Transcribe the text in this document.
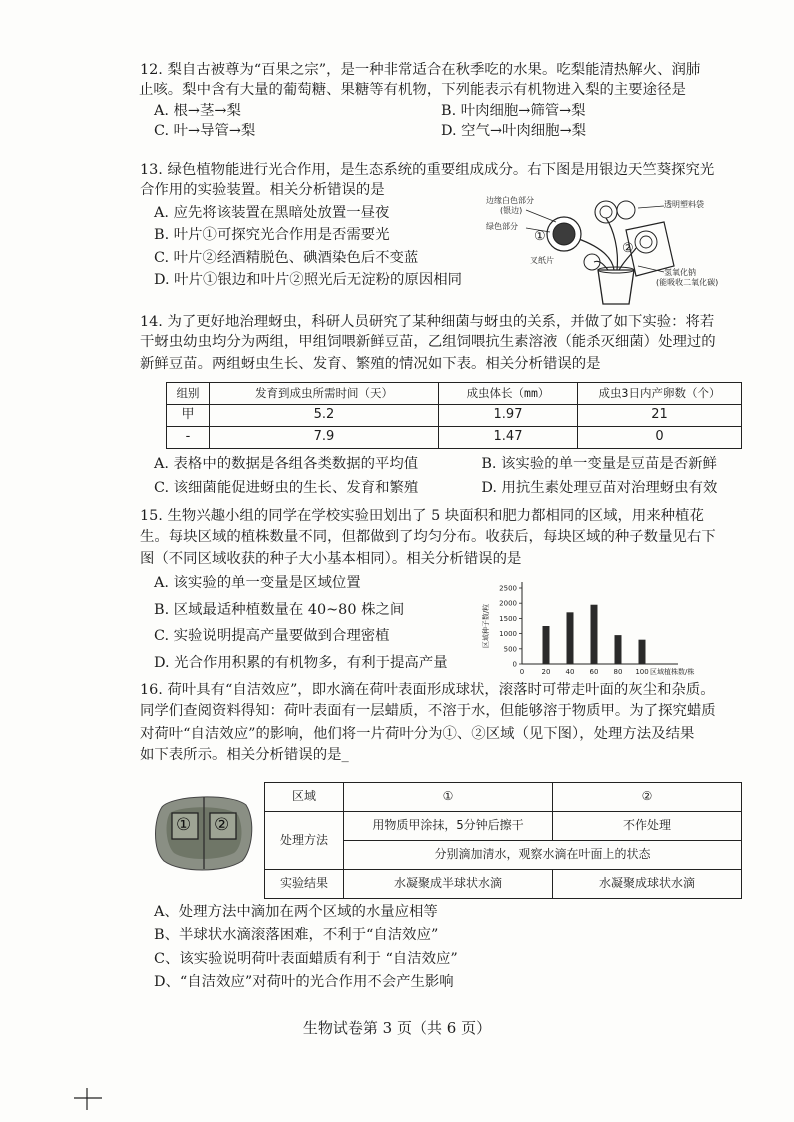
12. 梨自古被尊为“百果之宗”，是一种非常适合在秋季吃的水果。吃梨能清热解火、润肺

止咳。梨中含有大量的葡萄糖、果糖等有机物，下列能表示有机物进入梨的主要途径是

A. 根→茎→梨	B. 叶肉细胞→筛管→梨
C. 叶→导管→梨	D. 空气→叶肉细胞→梨

13. 绿色植物能进行光合作用，是生态系统的重要组成成分。右下图是用银边天竺葵探究光

合作用的实验装置。相关分析错误的是

A. 应先将该装置在黑暗处放置一昼夜

B. 叶片①可探究光合作用是否需要光

C. 叶片②经酒精脱色、碘酒染色后不变蓝

D. 叶片①银边和叶片②照光后无淀粉的原因相同

边缘白色部分
(银边)
绿色部分
透明塑料袋
叉纸片
氢氧化钠
(能吸收二氧化碳)
①
②

14. 为了更好地治理蚜虫，科研人员研究了某种细菌与蚜虫的关系，并做了如下实验：将若

干蚜虫幼虫均分为两组，甲组饲喂新鲜豆苗，乙组饲喂抗生素溶液（能杀灭细菌）处理过的

新鲜豆苗。两组蚜虫生长、发育、繁殖的情况如下表。相关分析错误的是

组别	发育到成虫所需时间（天）	成虫体长（mm）	成虫3日内产卵数（个）
甲	5.2	1.97	21
-	7.9	1.47	0
A. 表格中的数据是各组各类数据的平均值	B. 该实验的单一变量是豆苗是否新鲜
C. 该细菌能促进蚜虫的生长、发育和繁殖	D. 用抗生素处理豆苗对治理蚜虫有效

15. 生物兴趣小组的同学在学校实验田划出了 5 块面积和肥力都相同的区域，用来种植花

生。每块区域的植株数量不同，但都做到了均匀分布。收获后，每块区域的种子数量见右下

图（不同区域收获的种子大小基本相同）。相关分析错误的是

A. 该实验的单一变量是区域位置

B. 区域最适种植数量在 40~80 株之间

C. 实验说明提高产量要做到合理密植

D. 光合作用积累的有机物多，有利于提高产量	0
500
1000
1500
2000
2500
区域种子数/粒
0 20 40 60 80 100 区域植株数/株

16. 荷叶具有“自洁效应”，即水滴在荷叶表面形成球状，滚落时可带走叶面的灰尘和杂质。

同学们查阅资料得知：荷叶表面有一层蜡质，不溶于水，但能够溶于物质甲。为了探究蜡质

对荷叶“自洁效应”的影响，他们将一片荷叶分为①、②区域（见下图），处理方法及结果

如下表所示。相关分析错误的是_

① ②
区域	①	②
处理方法	用物质甲涂抹，5分钟后擦干	不作处理
	分别滴加清水，观察水滴在叶面上的状态	
实验结果	水凝聚成半球状水滴	水凝聚成球状水滴

A、处理方法中滴加在两个区域的水量应相等

B、半球状水滴滚落困难，不利于“自洁效应”

C、该实验说明荷叶表面蜡质有利于 “自洁效应”

D、“自洁效应”对荷叶的光合作用不会产生影响

生物试卷第 3 页（共 6 页）
